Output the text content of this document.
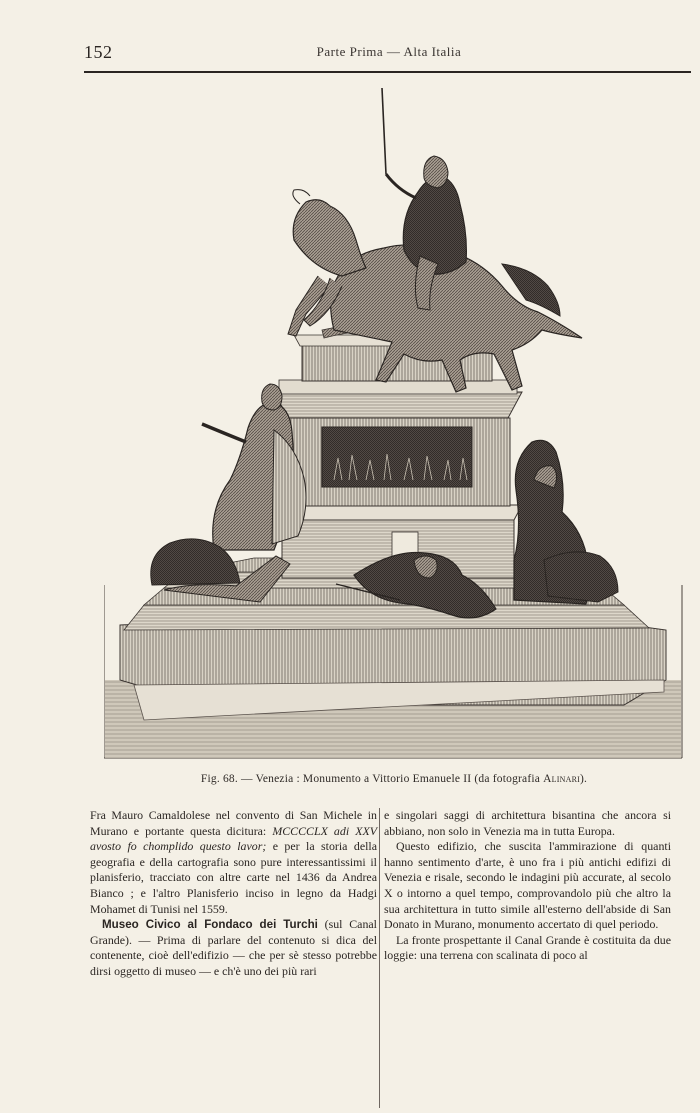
152	Parte Prima — Alta Italia
Fig. 68. — Venezia : Monumento a Vittorio Emanuele II (da fotografia Alinari).

Fra Mauro Camaldolese nel convento di San Michele in Murano e portante questa dicitura: MCCCCLX adi XXV avosto fo chomplido questo lavor; e per la storia della geografia e della cartografia sono pure interessantissimi il planisferio, tracciato con altre carte nel 1436 da Andrea Bianco ; e l'altro Planisferio inciso in legno da Hadgi Mohamet di Tunisi nel 1559.

Museo Civico al Fondaco dei Turchi (sul Canal Grande). — Prima di parlare del contenuto si dica del contenente, cioè dell'edifizio — che per sè stesso potrebbe dirsi oggetto di museo — e ch'è uno dei più rari

e singolari saggi di architettura bisantina che ancora si abbiano, non solo in Venezia ma in tutta Europa.

Questo edifizio, che suscita l'ammirazione di quanti hanno sentimento d'arte, è uno fra i più antichi edifizi di Venezia e risale, secondo le indagini più accurate, al secolo X o intorno a quel tempo, comprovandolo più che altro la sua architettura in tutto simile all'esterno dell'abside di San Donato in Murano, monumento accertato di quel periodo.

La fronte prospettante il Canal Grande è costituita da due loggie: una terrena con scalinata di poco al
